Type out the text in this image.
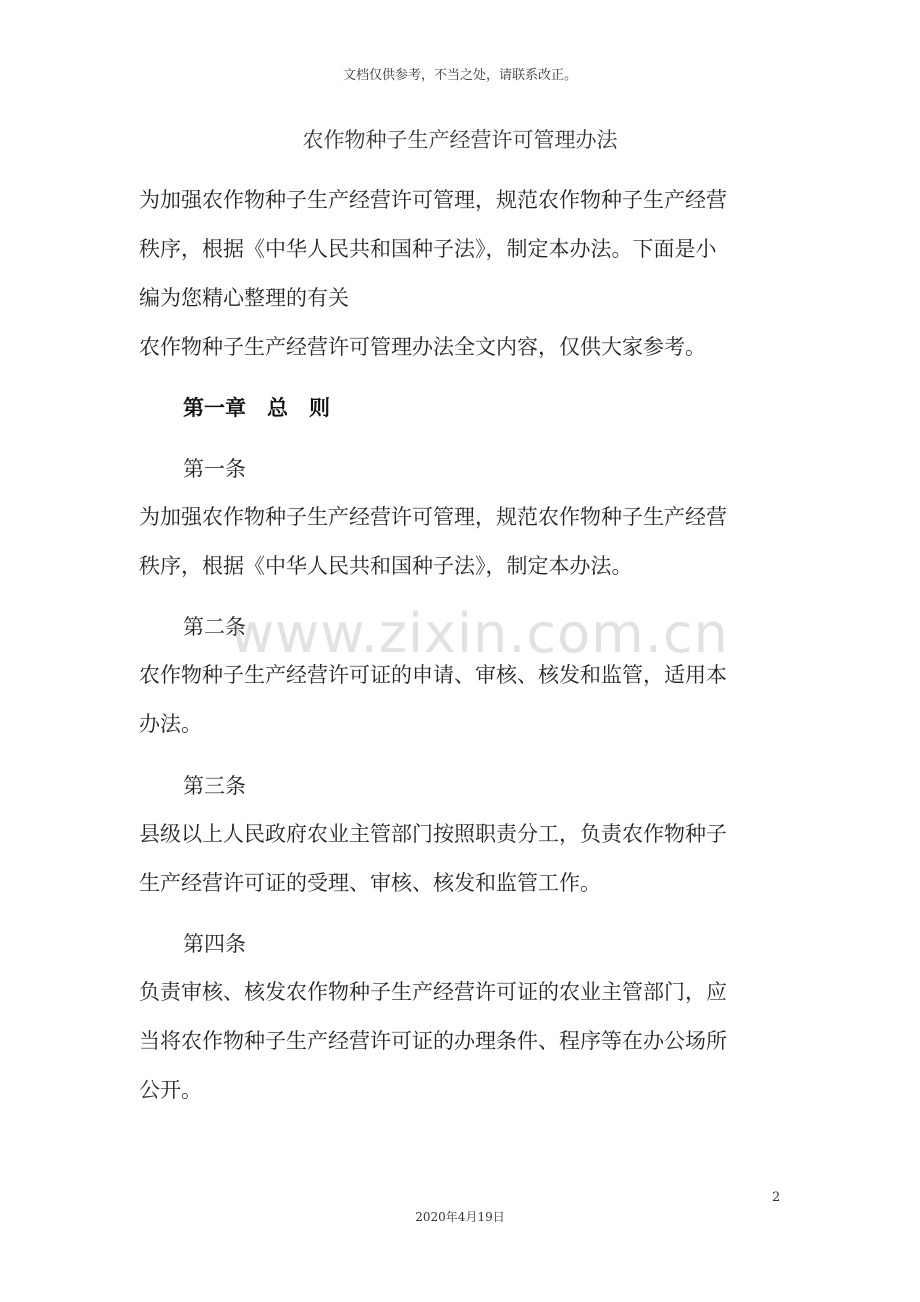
文档仅供参考，不当之处，请联系改正。
农作物种子生产经营许可管理办法
为加强农作物种子生产经营许可管理，规范农作物种子生产经营
秩序，根据《中华人民共和国种子法》，制定本办法。下面是小
编为您精心整理的有关
农作物种子生产经营许可管理办法全文内容，仅供大家参考。
第一章　总　则
第一条
为加强农作物种子生产经营许可管理，规范农作物种子生产经营
秩序，根据《中华人民共和国种子法》，制定本办法。
第二条
农作物种子生产经营许可证的申请、审核、核发和监管，适用本
办法。
第三条
县级以上人民政府农业主管部门按照职责分工，负责农作物种子
生产经营许可证的受理、审核、核发和监管工作。
第四条
负责审核、核发农作物种子生产经营许可证的农业主管部门，应
当将农作物种子生产经营许可证的办理条件、程序等在办公场所
公开。
www.zixin.com.cn
2
2020年4月19日
